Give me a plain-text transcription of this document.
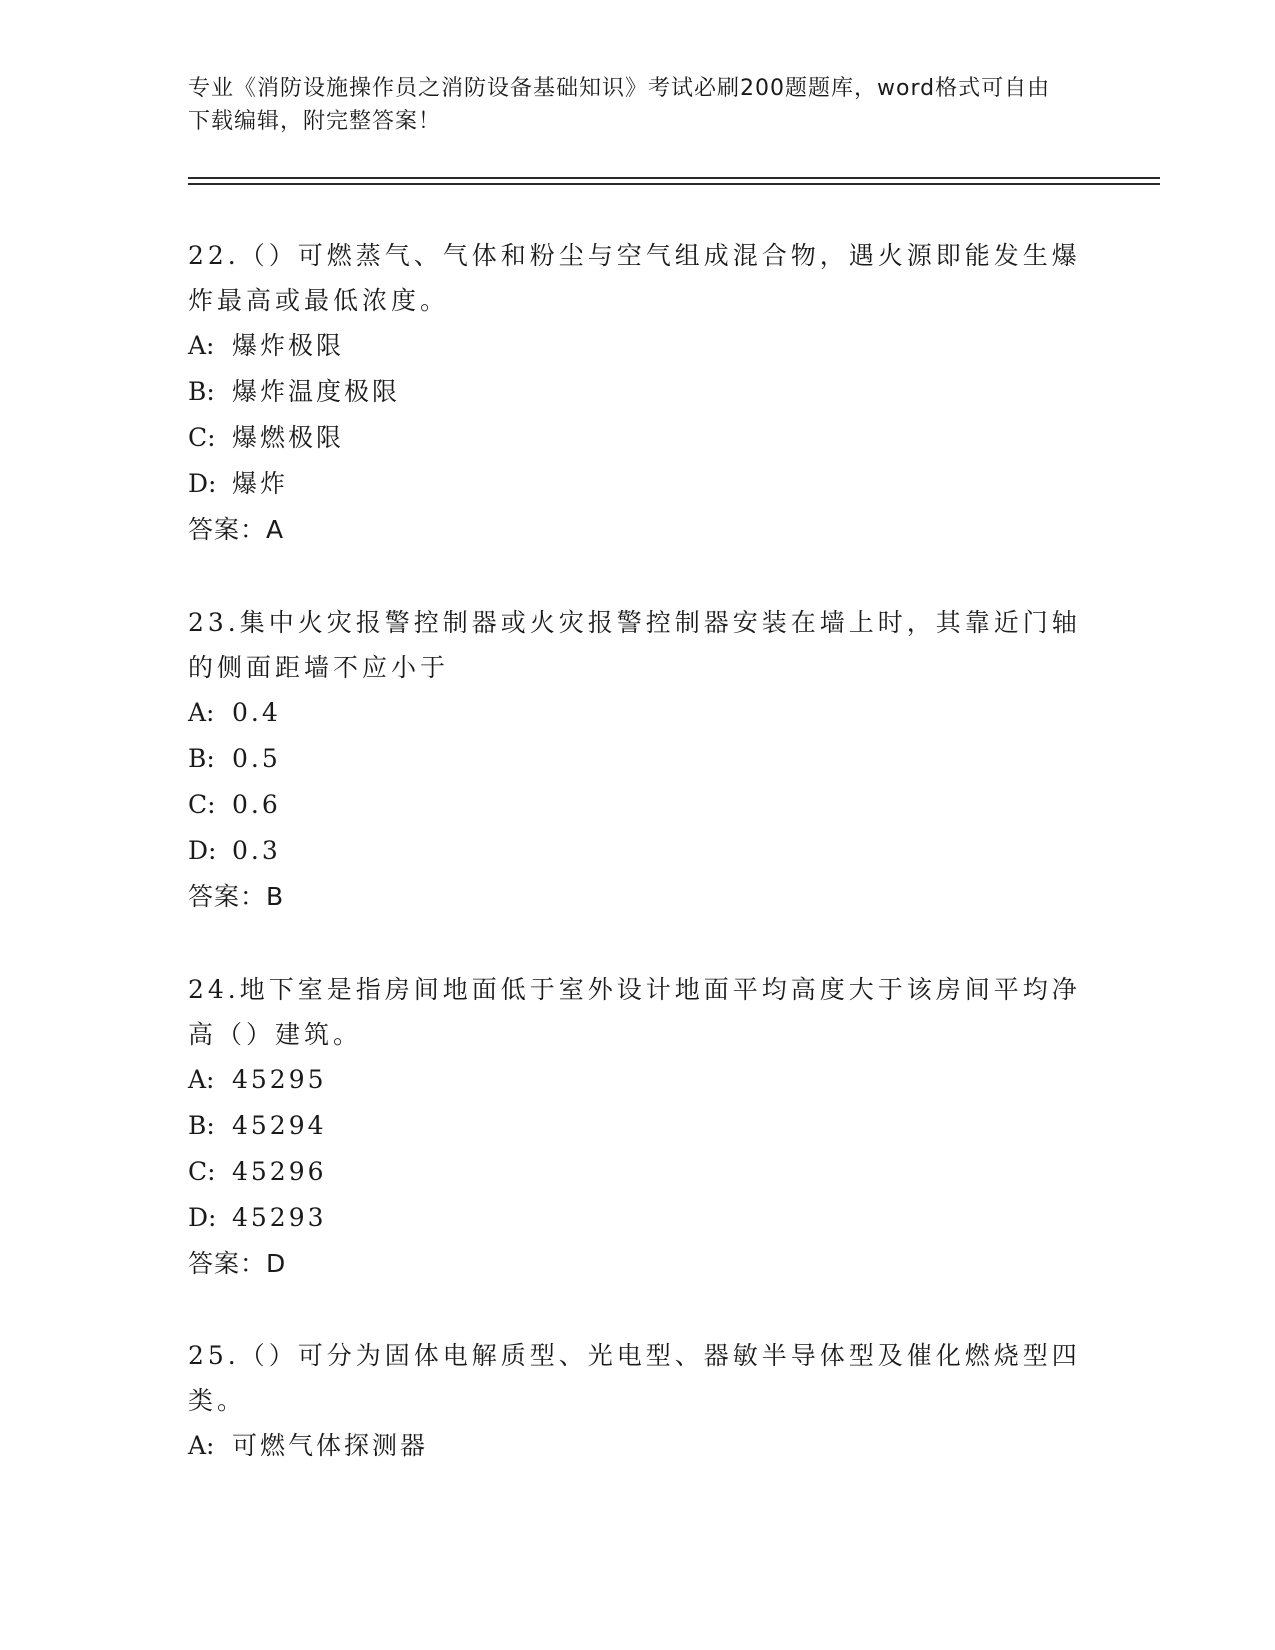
专业《消防设施操作员之消防设备基础知识》考试必刷200题题库，word格式可自由下载编辑，附完整答案！

22.（）可燃蒸气、气体和粉尘与空气组成混合物，遇火源即能发生爆炸最高或最低浓度。

A: 爆炸极限

B: 爆炸温度极限

C: 爆燃极限

D: 爆炸

答案：A

23.集中火灾报警控制器或火灾报警控制器安装在墙上时，其靠近门轴的侧面距墙不应小于

A: 0.4

B: 0.5

C: 0.6

D: 0.3

答案：B

24.地下室是指房间地面低于室外设计地面平均高度大于该房间平均净高（）建筑。

A: 45295

B: 45294

C: 45296

D: 45293

答案：D

25.（）可分为固体电解质型、光电型、器敏半导体型及催化燃烧型四类。

A: 可燃气体探测器
